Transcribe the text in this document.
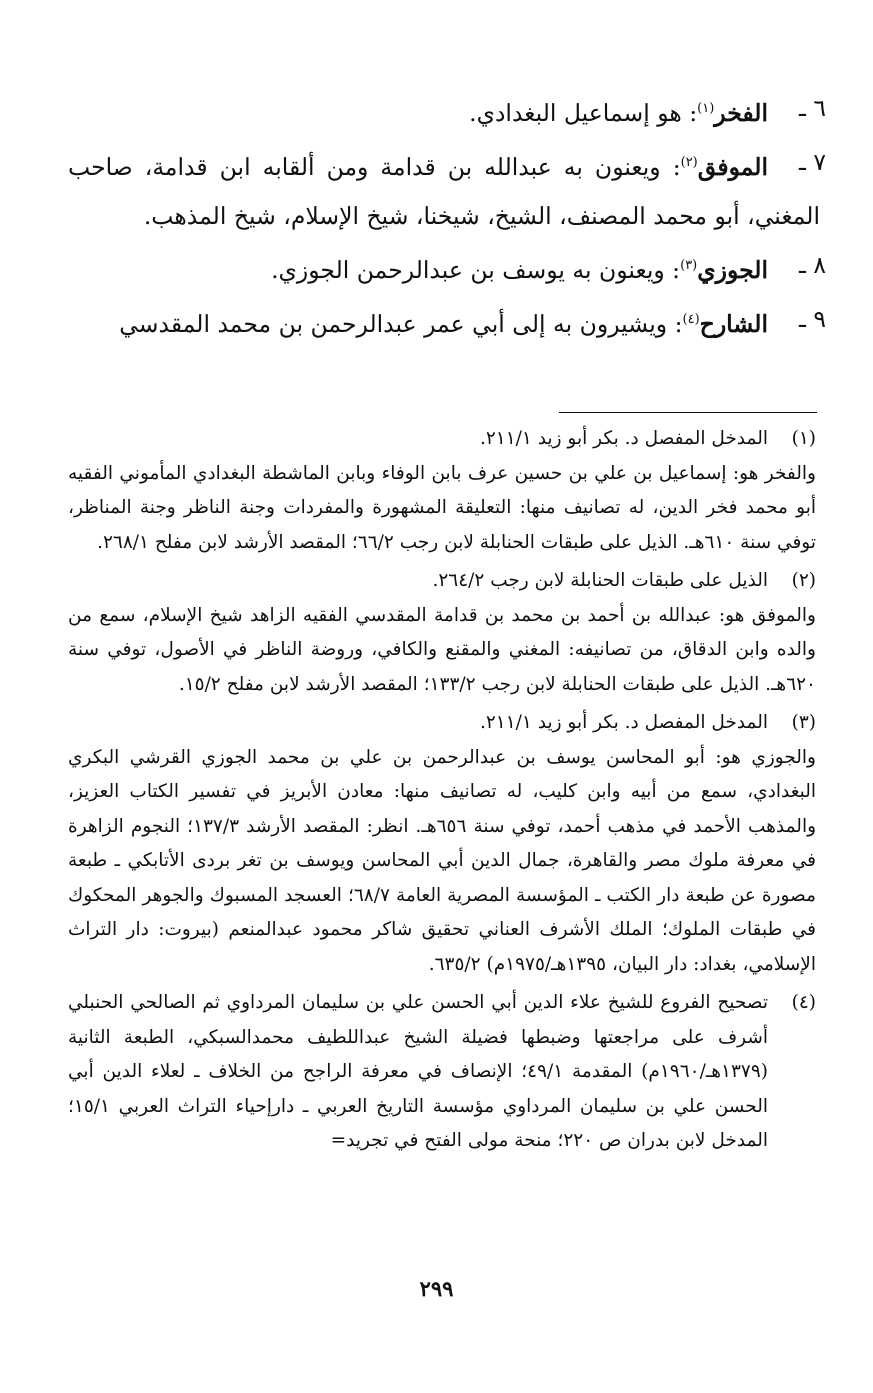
٦ ـ
الفخر$^{(١)}$: هو إسماعيل البغدادي.
٧ ـ
الموفق$^{(٢)}$: ويعنون به عبدالله بن قدامة ومن ألقابه ابن قدامة، صاحب المغني، أبو محمد المصنف، الشيخ، شيخنا، شيخ الإسلام، شيخ المذهب.
٨ ـ
الجوزي$^{(٣)}$: ويعنون به يوسف بن عبدالرحمن الجوزي.
٩ ـ
الشارح$^{(٤)}$: ويشيرون به إلى أبي عمر عبدالرحمن بن محمد المقدسي
(١)
المدخل المفصل د. بكر أبو زيد ٢١١/١.
والفخر هو: إسماعيل بن علي بن حسين عرف بابن الوفاء وبابن الماشطة البغدادي المأموني الفقيه أبو محمد فخر الدين، له تصانيف منها: التعليقة المشهورة والمفردات وجنة الناظر وجنة المناظر، توفي سنة ٦١٠هـ. الذيل على طبقات الحنابلة لابن رجب ٦٦/٢؛ المقصد الأرشد لابن مفلح ٢٦٨/١.
(٢)
الذيل على طبقات الحنابلة لابن رجب ٢٦٤/٢.
والموفق هو: عبدالله بن أحمد بن محمد بن قدامة المقدسي الفقيه الزاهد شيخ الإسلام، سمع من والده وابن الدقاق، من تصانيفه: المغني والمقنع والكافي، وروضة الناظر في الأصول، توفي سنة ٦٢٠هـ. الذيل على طبقات الحنابلة لابن رجب ١٣٣/٢؛ المقصد الأرشد لابن مفلح ١٥/٢.
(٣)
المدخل المفصل د. بكر أبو زيد ٢١١/١.
والجوزي هو: أبو المحاسن يوسف بن عبدالرحمن بن علي بن محمد الجوزي القرشي البكري البغدادي، سمع من أبيه وابن كليب، له تصانيف منها: معادن الأبريز في تفسير الكتاب العزيز، والمذهب الأحمد في مذهب أحمد، توفي سنة ٦٥٦هـ. انظر: المقصد الأرشد ١٣٧/٣؛ النجوم الزاهرة في معرفة ملوك مصر والقاهرة، جمال الدين أبي المحاسن ويوسف بن تغر بردى الأتابكي ـ طبعة مصورة عن طبعة دار الكتب ـ المؤسسة المصرية العامة ٦٨/٧؛ العسجد المسبوك والجوهر المحكوك في طبقات الملوك؛ الملك الأشرف العناني تحقيق شاكر محمود عبدالمنعم (بيروت: دار التراث الإسلامي، بغداد: دار البيان، ١٣٩٥هـ/١٩٧٥م) ٦٣٥/٢.
(٤)
تصحيح الفروع للشيخ علاء الدين أبي الحسن علي بن سليمان المرداوي ثم الصالحي الحنبلي أشرف على مراجعتها وضبطها فضيلة الشيخ عبداللطيف محمدالسبكي، الطبعة الثانية (١٣٧٩هـ/١٩٦٠م) المقدمة ٤٩/١؛ الإنصاف في معرفة الراجح من الخلاف ـ لعلاء الدين أبي الحسن علي بن سليمان المرداوي مؤسسة التاريخ العربي ـ دارإحياء التراث العربي ١٥/١؛ المدخل لابن بدران ص ٢٢٠؛ منحة مولى الفتح في تجريد=
٢٩٩
